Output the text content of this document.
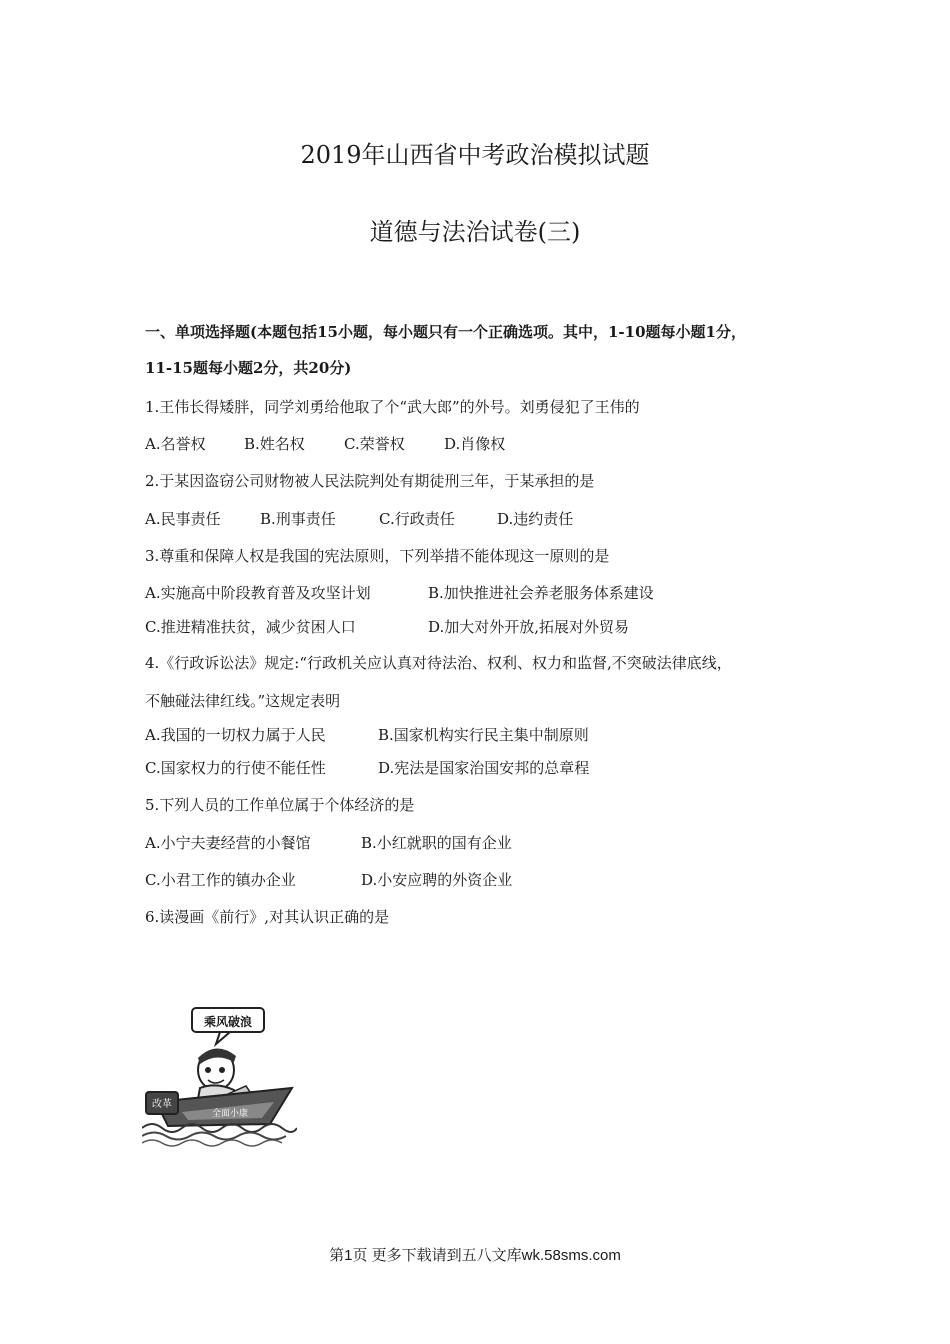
2019年山西省中考政治模拟试题
道德与法治试卷(三)
一、单项选择题(本题包括15小题，每小题只有一个正确选项。其中，1-10题每小题1分，
11-15题每小题2分，共20分)
1.王伟长得矮胖，同学刘勇给他取了个“武大郎”的外号。刘勇侵犯了王伟的
A.名誉权	B.姓名权	C.荣誉权	D.肖像权
2.于某因盗窃公司财物被人民法院判处有期徒刑三年，于某承担的是
A.民事责任	B.刑事责任	C.行政责任	D.违约责任
3.尊重和保障人权是我国的宪法原则，下列举措不能体现这一原则的是
A.实施高中阶段教育普及攻坚计划	B.加快推进社会养老服务体系建设
C.推进精准扶贫，减少贫困人口	D.加大对外开放,拓展对外贸易
4.《行政诉讼法》规定:“行政机关应认真对待法治、权利、权力和监督,不突破法律底线，
不触碰法律红线。”这规定表明
A.我国的一切权力属于人民	B.国家机构实行民主集中制原则
C.国家权力的行使不能任性	D.宪法是国家治国安邦的总章程
5.下列人员的工作单位属于个体经济的是
A.小宁夫妻经营的小餐馆	B.小红就职的国有企业
C.小君工作的镇办企业	D.小安应聘的外资企业
6.读漫画《前行》,对其认识正确的是
乘风破浪
全面小康
改革
第1页 更多下载请到五八文库wk.58sms.com
